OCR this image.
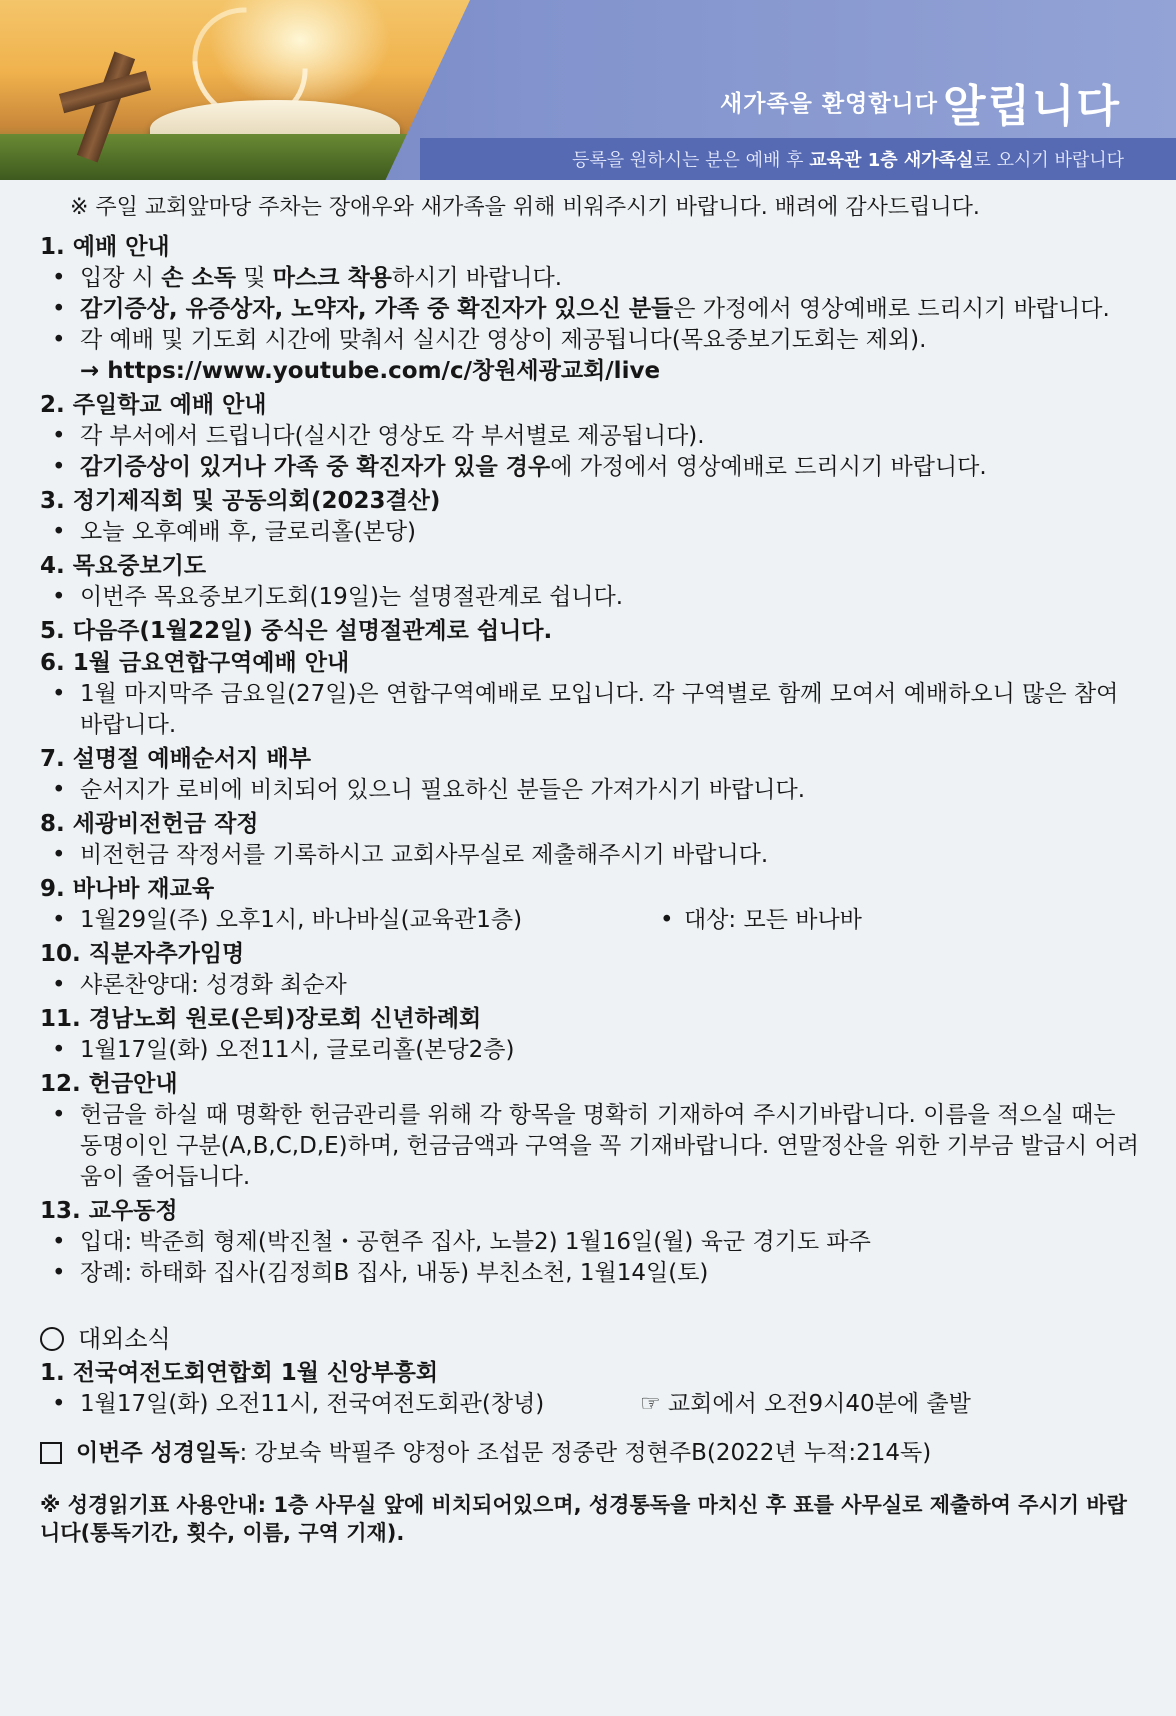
새가족을 환영합니다 알립니다
등록을 원하시는 분은 예배 후
교육관 1층 새가족실 로 오시기 바랍니다

※ 주일 교회앞마당 주차는 장애우와 새가족을 위해 비워주시기 바랍니다. 배려에 감사드립니다.

1. 예배 안내

• 입장 시 손 소독 및 마스크 착용하시기 바랍니다.
• 감기증상, 유증상자, 노약자, 가족 중 확진자가 있으신 분들은 가정에서 영상예배로 드리시기 바랍니다.
• 각 예배 및 기도회 시간에 맞춰서 실시간 영상이 제공됩니다(목요중보기도회는 제외).
→ https://www.youtube.com/c/창원세광교회/live

2. 주일학교 예배 안내

• 각 부서에서 드립니다(실시간 영상도 각 부서별로 제공됩니다).
• 감기증상이 있거나 가족 중 확진자가 있을 경우에 가정에서 영상예배로 드리시기 바랍니다.

3. 정기제직회 및 공동의회(2023결산)

• 오늘 오후예배 후, 글로리홀(본당)

4. 목요중보기도

• 이번주 목요중보기도회(19일)는 설명절관계로 쉽니다.

5. 다음주(1월22일) 중식은 설명절관계로 쉽니다.

6. 1월 금요연합구역예배 안내

• 1월 마지막주 금요일(27일)은 연합구역예배로 모입니다. 각 구역별로 함께 모여서 예배하오니 많은 참여 바랍니다.

7. 설명절 예배순서지 배부

• 순서지가 로비에 비치되어 있으니 필요하신 분들은 가져가시기 바랍니다.

8. 세광비전헌금 작정

• 비전헌금 작정서를 기록하시고 교회사무실로 제출해주시기 바랍니다.

9. 바나바 재교육

• 1월29일(주) 오후1시, 바나바실(교육관1층)
•	대상: 모든 바나바

10. 직분자추가임명

• 샤론찬양대: 성경화 최순자

11. 경남노회 원로(은퇴)장로회 신년하례회

• 1월17일(화) 오전11시, 글로리홀(본당2층)

12. 헌금안내

• 헌금을 하실 때 명확한 헌금관리를 위해 각 항목을 명확히 기재하여 주시기바랍니다. 이름을 적으실 때는 동명이인 구분(A,B,C,D,E)하며, 헌금금액과 구역을 꼭 기재바랍니다. 연말정산을 위한 기부금 발급시 어려움이 줄어듭니다.

13. 교우동정

• 입대: 박준희 형제(박진철・공현주 집사, 노블2) 1월16일(월) 육군 경기도 파주
• 장례: 하태화 집사(김정희B 집사, 내동) 부친소천, 1월14일(토)

대외소식

1. 전국여전도회연합회 1월 신앙부흥회

• 1월17일(화) 오전11시, 전국여전도회관(창녕)	☞ 교회에서 오전9시40분에 출발

이번주 성경일독 : 강보숙 박필주 양정아 조섭문 정중란 정현주B(2022년 누적:214독)

※ 성경읽기표 사용안내: 1층 사무실 앞에 비치되어있으며, 성경통독을 마치신 후 표를 사무실로 제출하여 주시기 바랍니다(통독기간, 횟수, 이름, 구역 기재).
